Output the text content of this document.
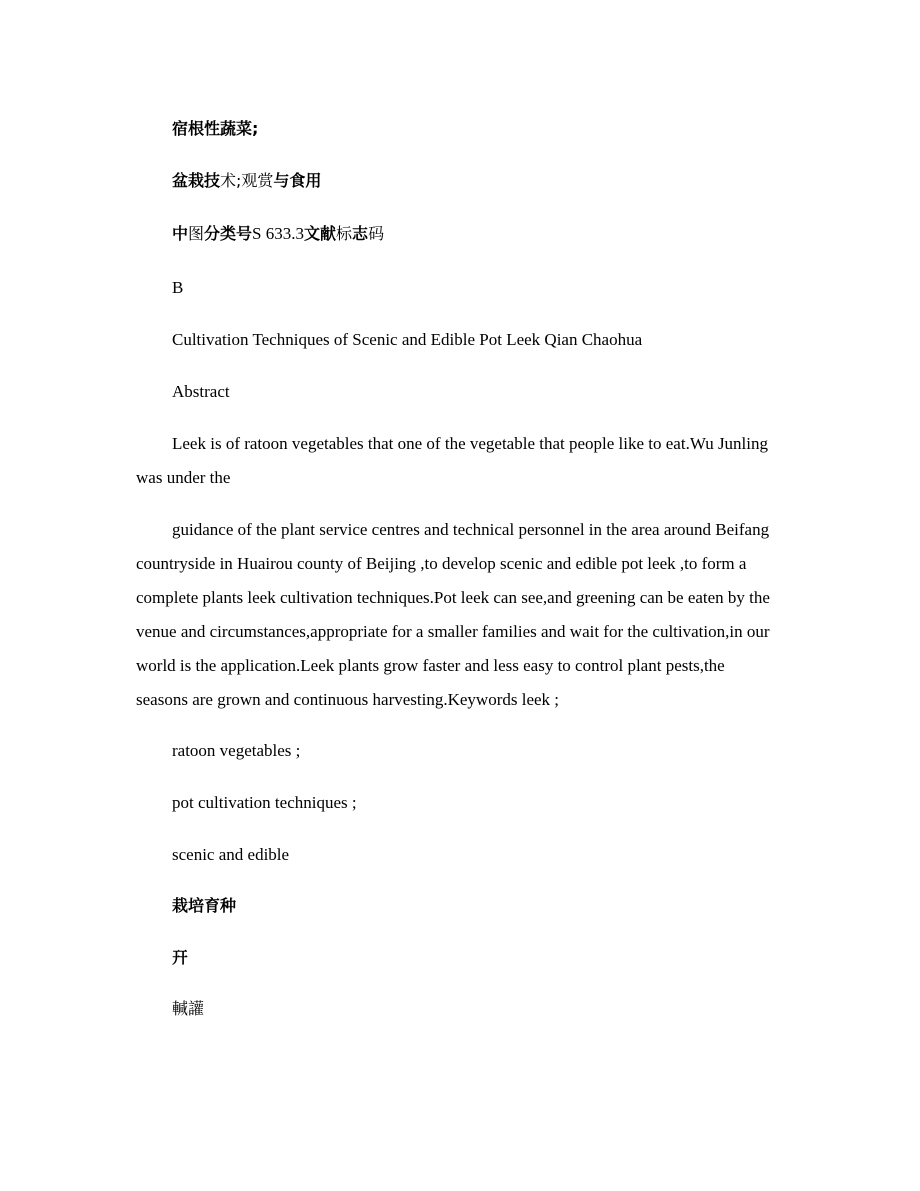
宿根性蔬菜;

盆栽技术;观赏与食用

中图分类号S 633.3文献标志码

B

Cultivation Techniques of Scenic and Edible Pot Leek Qian Chaohua

Abstract

Leek is of ratoon vegetables that one of the vegetable that people like to eat.Wu Junling was under the

guidance of the plant service centres and technical personnel in the area around Beifang countryside in Huairou county of Beijing ,to develop scenic and edible pot leek ,to form a complete plants leek cultivation techniques.Pot leek can see,and greening can be eaten by the venue and circumstances,appropriate for a smaller families and wait for the cultivation,in our world is the application.Leek plants grow faster and less easy to control plant pests,the seasons are grown and continuous harvesting.Keywords leek ;

ratoon vegetables ;

pot cultivation techniques ;

scenic and edible

栽培育种

幵

輱讙
